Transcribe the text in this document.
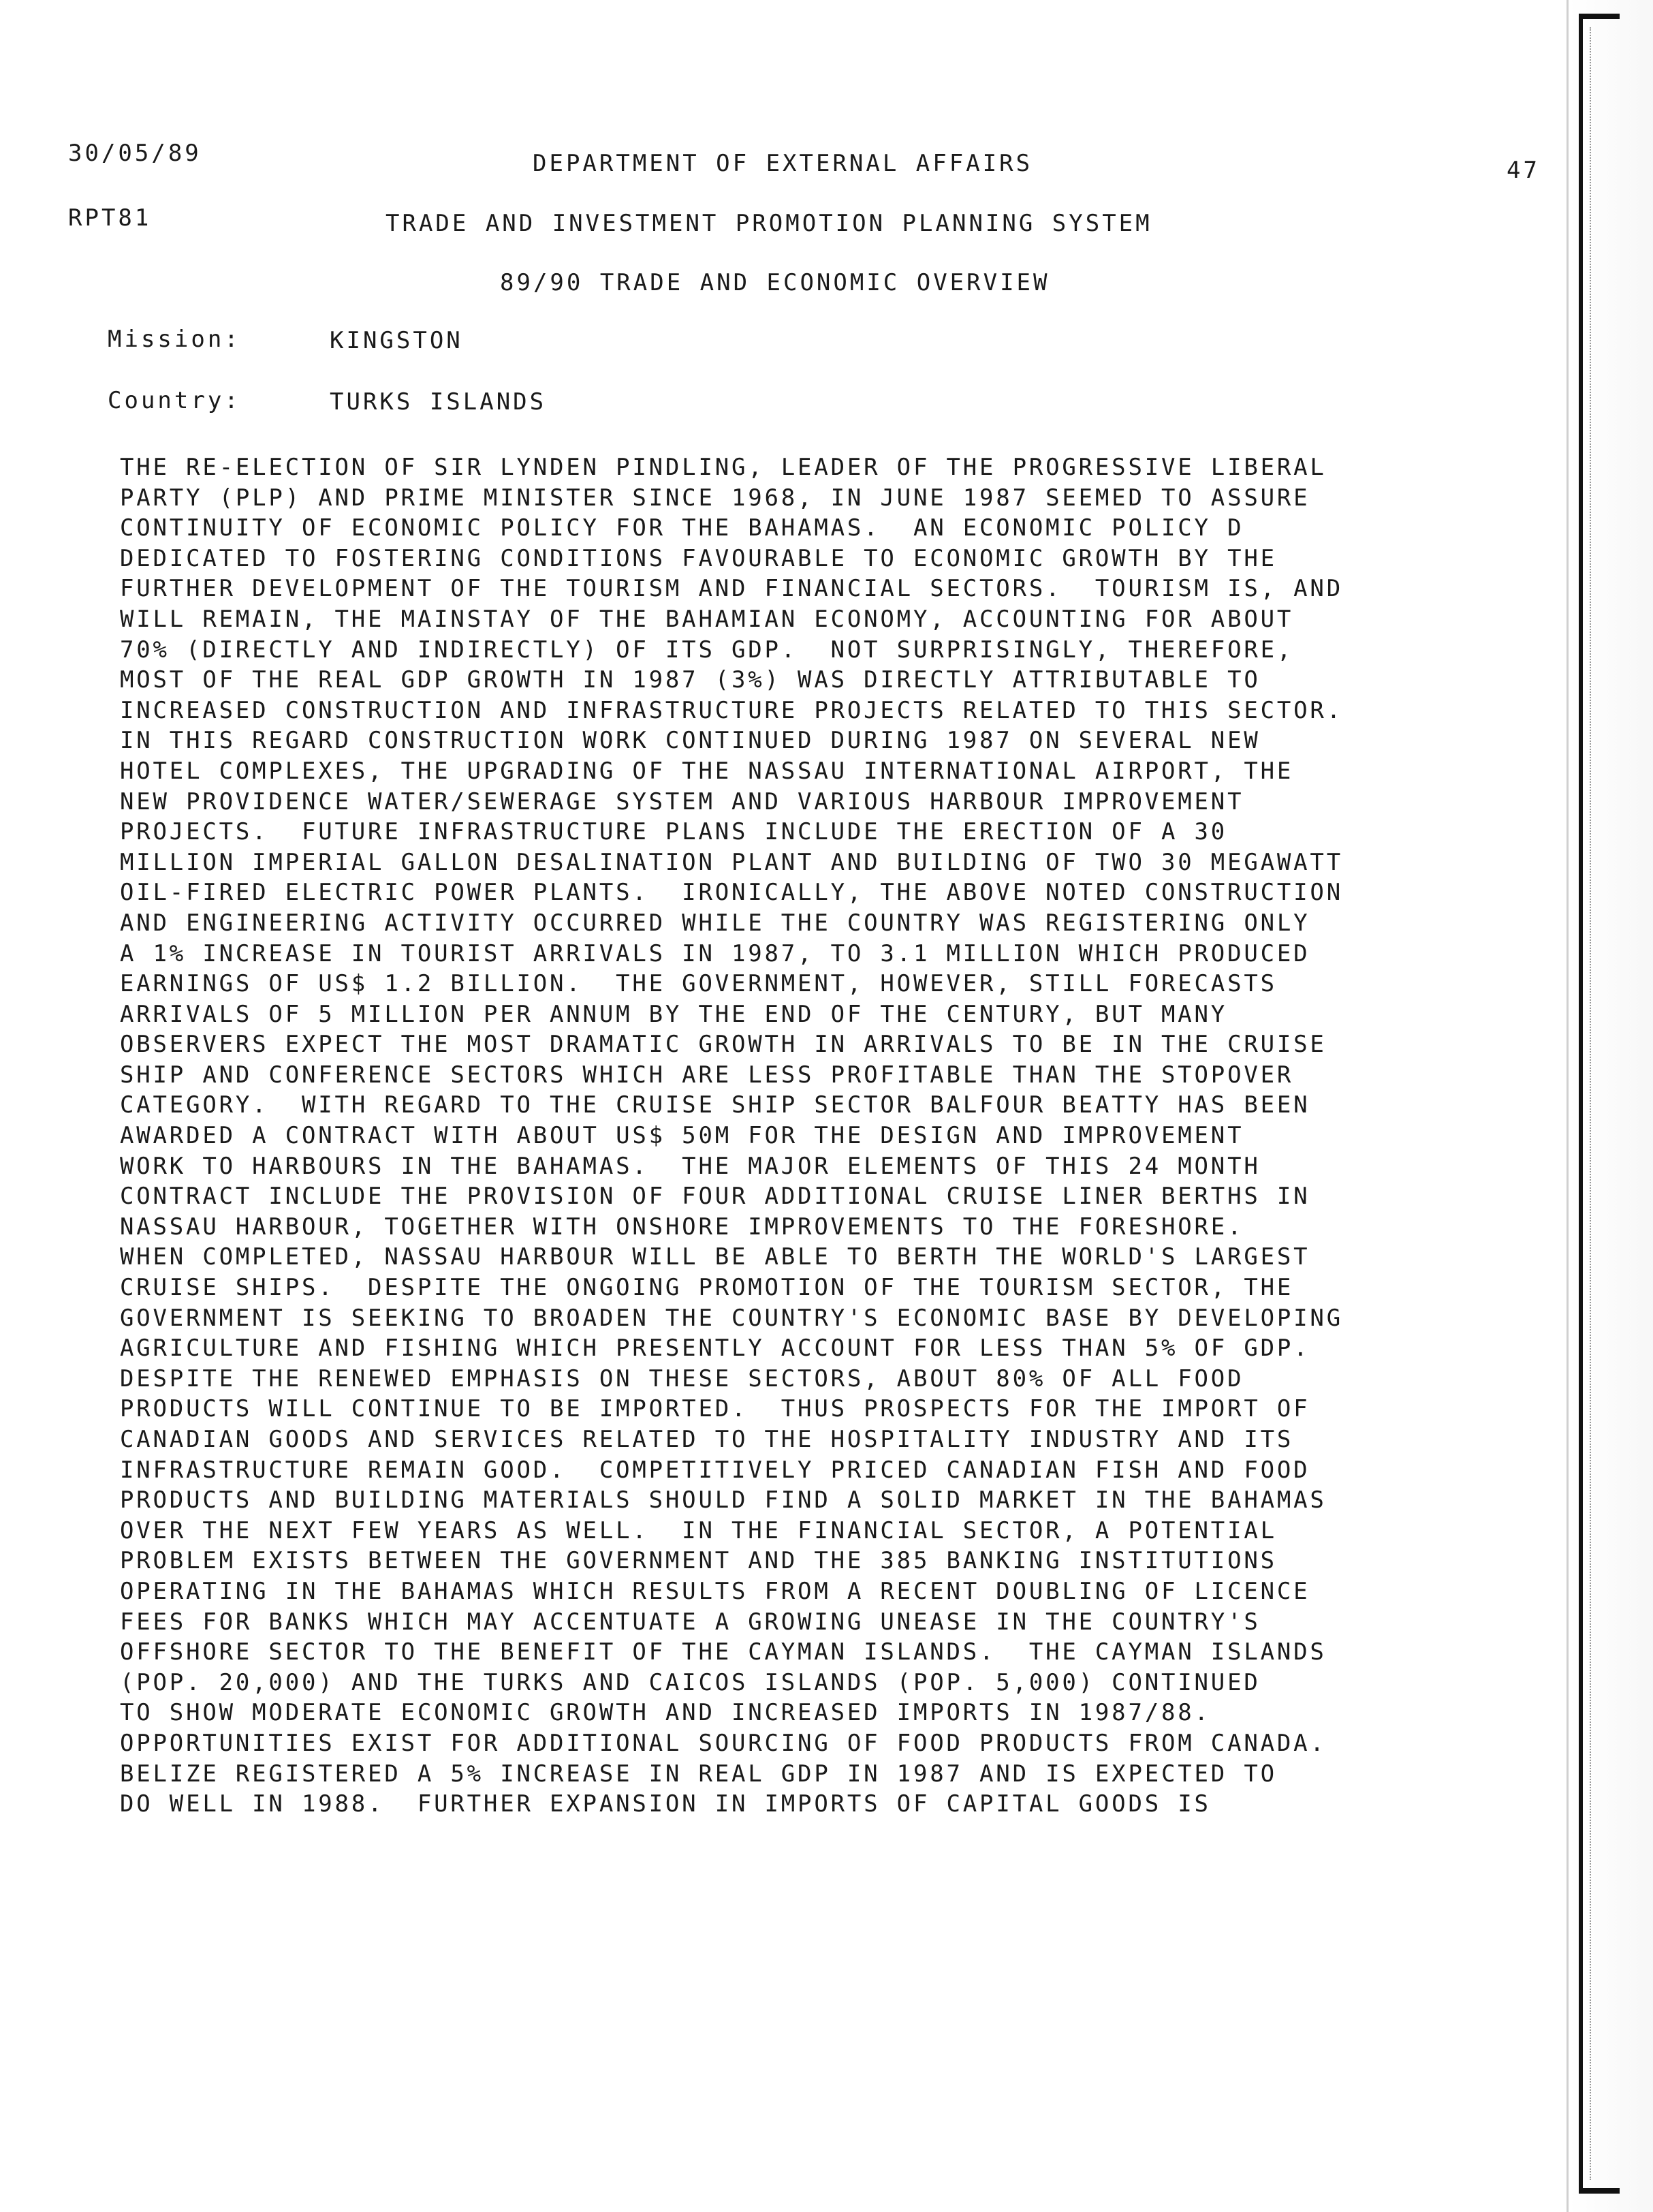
30/05/89
RPT81
DEPARTMENT OF EXTERNAL AFFAIRS	47
TRADE AND INVESTMENT PROMOTION PLANNING SYSTEM
89/90 TRADE AND ECONOMIC OVERVIEW
Mission:	KINGSTON
Country:	TURKS ISLANDS
THE RE-ELECTION OF SIR LYNDEN PINDLING, LEADER OF THE PROGRESSIVE LIBERAL
PARTY (PLP) AND PRIME MINISTER SINCE 1968, IN JUNE 1987 SEEMED TO ASSURE
CONTINUITY OF ECONOMIC POLICY FOR THE BAHAMAS.  AN ECONOMIC POLICY D
DEDICATED TO FOSTERING CONDITIONS FAVOURABLE TO ECONOMIC GROWTH BY THE
FURTHER DEVELOPMENT OF THE TOURISM AND FINANCIAL SECTORS.  TOURISM IS, AND
WILL REMAIN, THE MAINSTAY OF THE BAHAMIAN ECONOMY, ACCOUNTING FOR ABOUT
70% (DIRECTLY AND INDIRECTLY) OF ITS GDP.  NOT SURPRISINGLY, THEREFORE,
MOST OF THE REAL GDP GROWTH IN 1987 (3%) WAS DIRECTLY ATTRIBUTABLE TO
INCREASED CONSTRUCTION AND INFRASTRUCTURE PROJECTS RELATED TO THIS SECTOR.
IN THIS REGARD CONSTRUCTION WORK CONTINUED DURING 1987 ON SEVERAL NEW
HOTEL COMPLEXES, THE UPGRADING OF THE NASSAU INTERNATIONAL AIRPORT, THE
NEW PROVIDENCE WATER/SEWERAGE SYSTEM AND VARIOUS HARBOUR IMPROVEMENT
PROJECTS.  FUTURE INFRASTRUCTURE PLANS INCLUDE THE ERECTION OF A 30
MILLION IMPERIAL GALLON DESALINATION PLANT AND BUILDING OF TWO 30 MEGAWATT
OIL-FIRED ELECTRIC POWER PLANTS.  IRONICALLY, THE ABOVE NOTED CONSTRUCTION
AND ENGINEERING ACTIVITY OCCURRED WHILE THE COUNTRY WAS REGISTERING ONLY
A 1% INCREASE IN TOURIST ARRIVALS IN 1987, TO 3.1 MILLION WHICH PRODUCED
EARNINGS OF US$ 1.2 BILLION.  THE GOVERNMENT, HOWEVER, STILL FORECASTS
ARRIVALS OF 5 MILLION PER ANNUM BY THE END OF THE CENTURY, BUT MANY
OBSERVERS EXPECT THE MOST DRAMATIC GROWTH IN ARRIVALS TO BE IN THE CRUISE
SHIP AND CONFERENCE SECTORS WHICH ARE LESS PROFITABLE THAN THE STOPOVER
CATEGORY.  WITH REGARD TO THE CRUISE SHIP SECTOR BALFOUR BEATTY HAS BEEN
AWARDED A CONTRACT WITH ABOUT US$ 50M FOR THE DESIGN AND IMPROVEMENT
WORK TO HARBOURS IN THE BAHAMAS.  THE MAJOR ELEMENTS OF THIS 24 MONTH
CONTRACT INCLUDE THE PROVISION OF FOUR ADDITIONAL CRUISE LINER BERTHS IN
NASSAU HARBOUR, TOGETHER WITH ONSHORE IMPROVEMENTS TO THE FORESHORE.
WHEN COMPLETED, NASSAU HARBOUR WILL BE ABLE TO BERTH THE WORLD'S LARGEST
CRUISE SHIPS.  DESPITE THE ONGOING PROMOTION OF THE TOURISM SECTOR, THE
GOVERNMENT IS SEEKING TO BROADEN THE COUNTRY'S ECONOMIC BASE BY DEVELOPING
AGRICULTURE AND FISHING WHICH PRESENTLY ACCOUNT FOR LESS THAN 5% OF GDP.
DESPITE THE RENEWED EMPHASIS ON THESE SECTORS, ABOUT 80% OF ALL FOOD
PRODUCTS WILL CONTINUE TO BE IMPORTED.  THUS PROSPECTS FOR THE IMPORT OF
CANADIAN GOODS AND SERVICES RELATED TO THE HOSPITALITY INDUSTRY AND ITS
INFRASTRUCTURE REMAIN GOOD.  COMPETITIVELY PRICED CANADIAN FISH AND FOOD
PRODUCTS AND BUILDING MATERIALS SHOULD FIND A SOLID MARKET IN THE BAHAMAS
OVER THE NEXT FEW YEARS AS WELL.  IN THE FINANCIAL SECTOR, A POTENTIAL
PROBLEM EXISTS BETWEEN THE GOVERNMENT AND THE 385 BANKING INSTITUTIONS
OPERATING IN THE BAHAMAS WHICH RESULTS FROM A RECENT DOUBLING OF LICENCE
FEES FOR BANKS WHICH MAY ACCENTUATE A GROWING UNEASE IN THE COUNTRY'S
OFFSHORE SECTOR TO THE BENEFIT OF THE CAYMAN ISLANDS.  THE CAYMAN ISLANDS
(POP. 20,000) AND THE TURKS AND CAICOS ISLANDS (POP. 5,000) CONTINUED
TO SHOW MODERATE ECONOMIC GROWTH AND INCREASED IMPORTS IN 1987/88.
OPPORTUNITIES EXIST FOR ADDITIONAL SOURCING OF FOOD PRODUCTS FROM CANADA.
BELIZE REGISTERED A 5% INCREASE IN REAL GDP IN 1987 AND IS EXPECTED TO
DO WELL IN 1988.  FURTHER EXPANSION IN IMPORTS OF CAPITAL GOODS IS
